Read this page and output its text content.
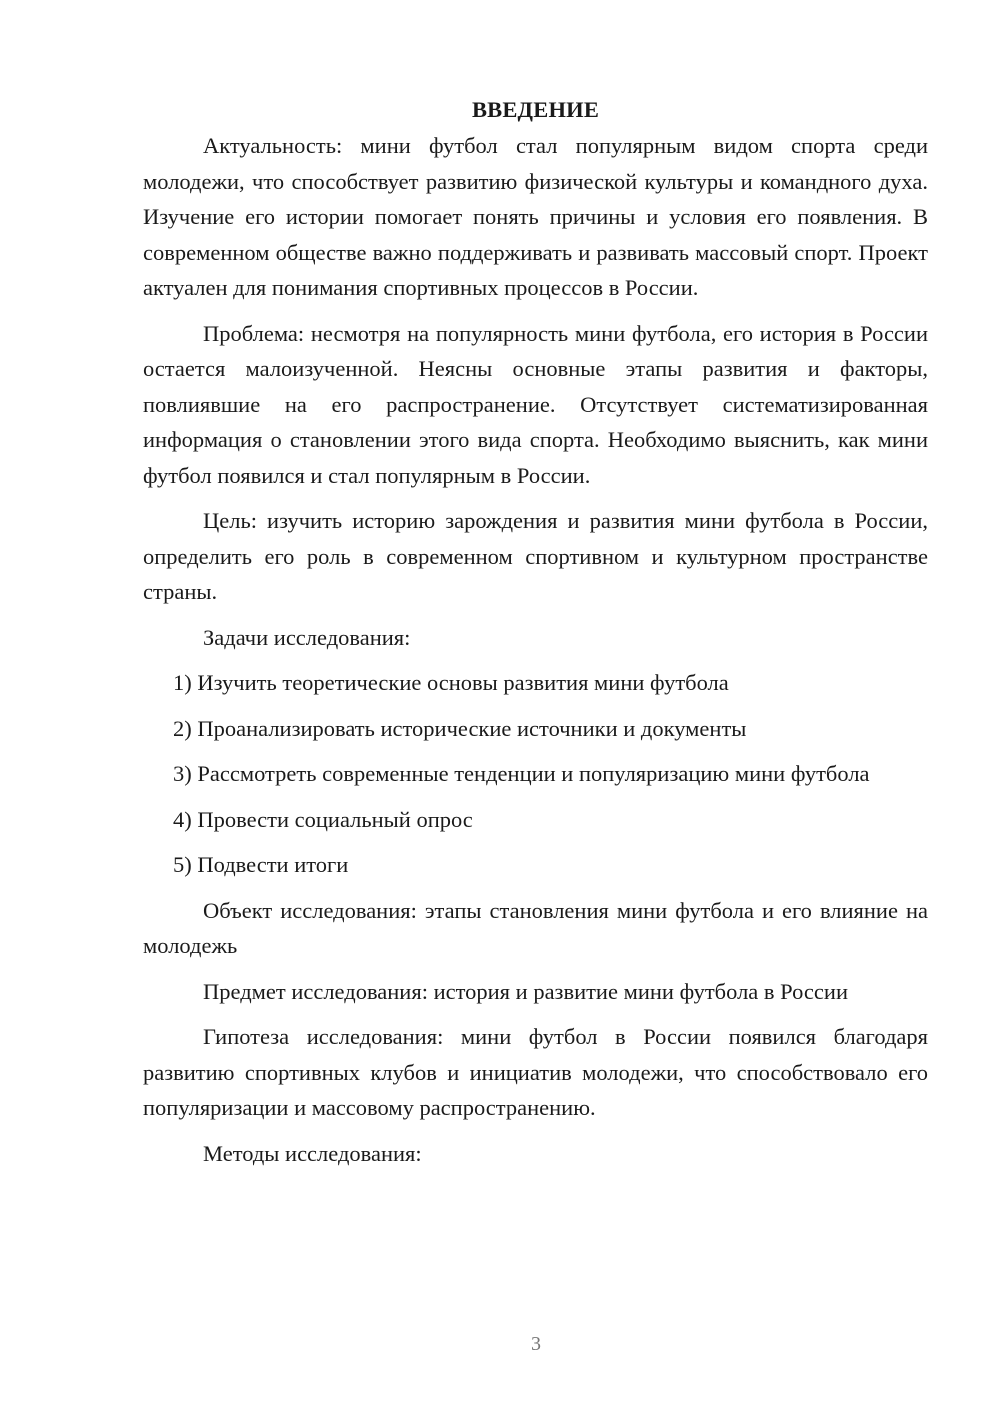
ВВЕДЕНИЕ

Актуальность: мини футбол стал популярным видом спорта среди молодежи, что способствует развитию физической культуры и командного духа. Изучение его истории помогает понять причины и условия его появления. В современном обществе важно поддерживать и развивать массовый спорт. Проект актуален для понимания спортивных процессов в России.

Проблема: несмотря на популярность мини футбола, его история в России остается малоизученной. Неясны основные этапы развития и факторы, повлиявшие на его распространение. Отсутствует систематизированная информация о становлении этого вида спорта. Необходимо выяснить, как мини футбол появился и стал популярным в России.

Цель: изучить историю зарождения и развития мини футбола в России, определить его роль в современном спортивном и культурном пространстве страны.

Задачи исследования:

1) Изучить теоретические основы развития мини футбола

2) Проанализировать исторические источники и документы

3) Рассмотреть современные тенденции и популяризацию мини футбола

4) Провести социальный опрос

5) Подвести итоги

Объект исследования: этапы становления мини футбола и его влияние на молодежь

Предмет исследования: история и развитие мини футбола в России

Гипотеза исследования: мини футбол в России появился благодаря развитию спортивных клубов и инициатив молодежи, что способствовало его популяризации и массовому распространению.

Методы исследования:

3
